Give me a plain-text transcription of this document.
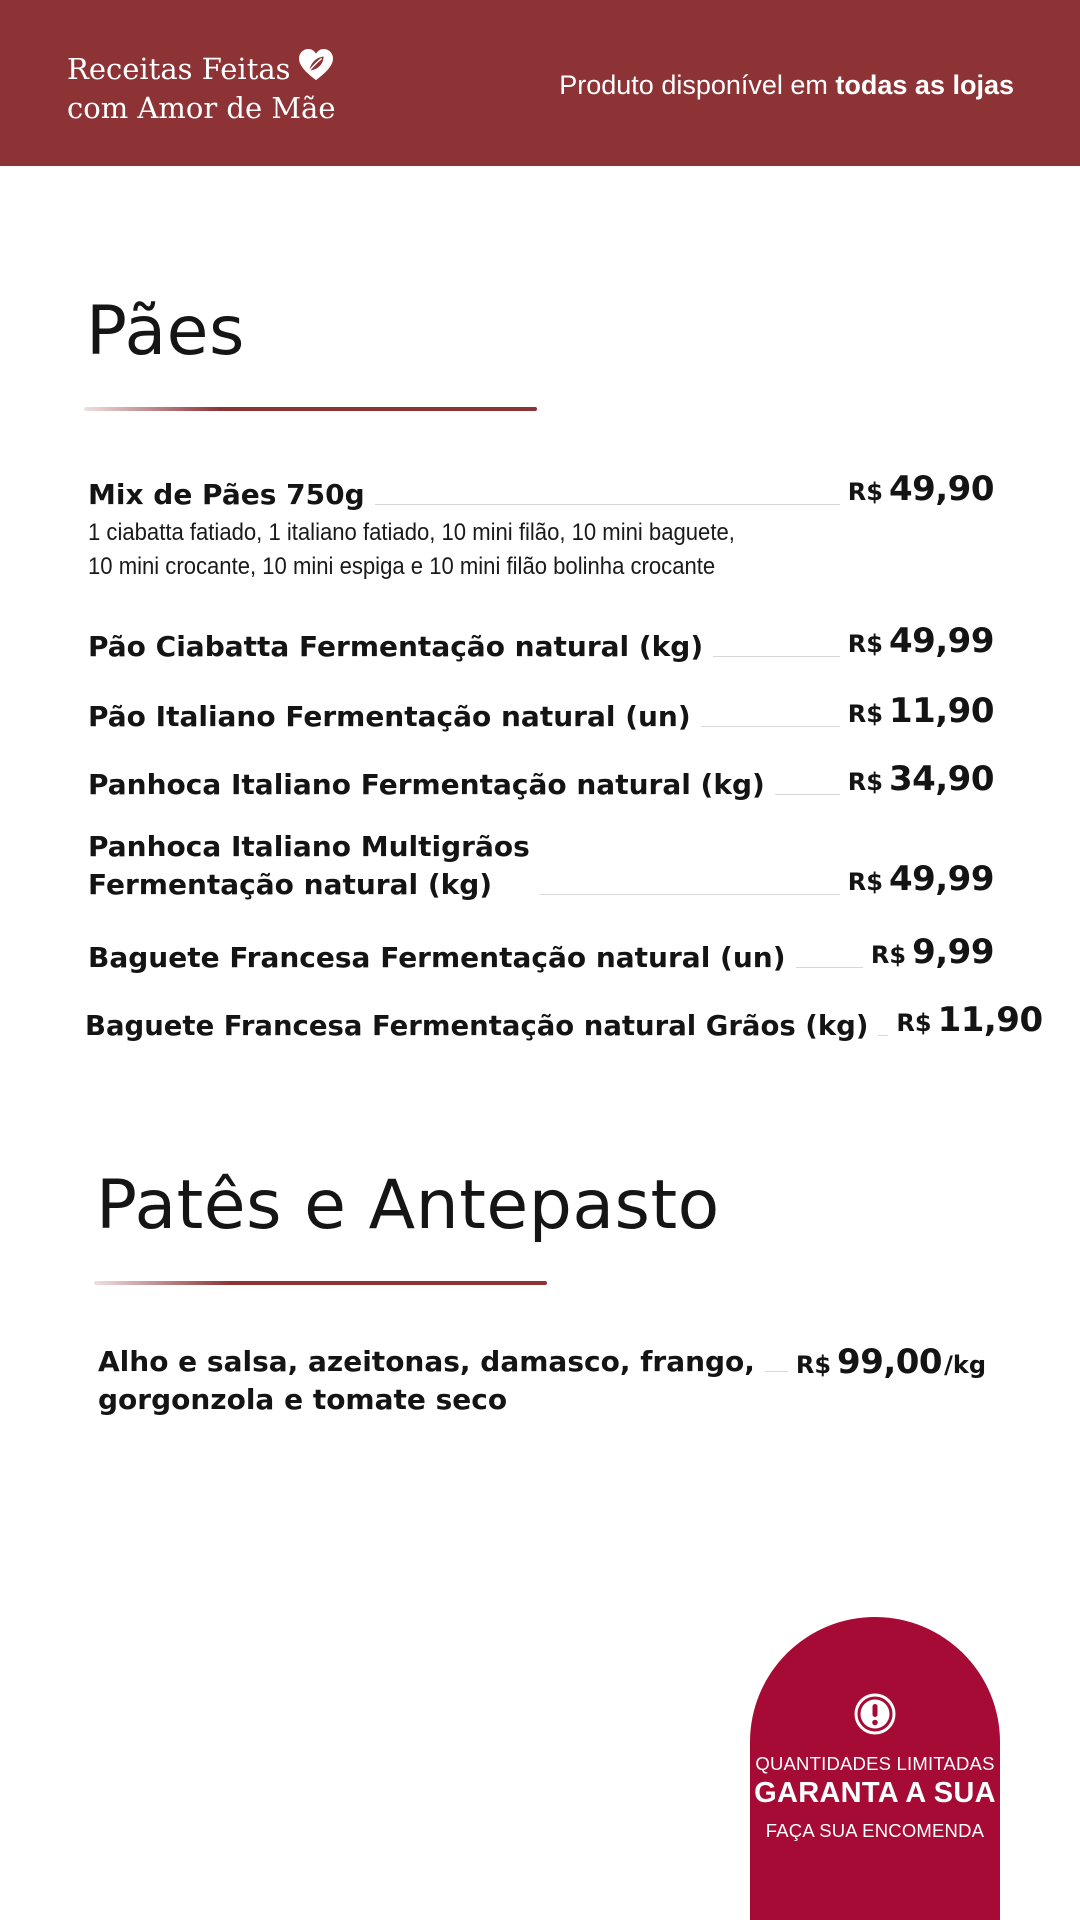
Receitas Feitas
com Amor de Mãe
Produto disponível em todas as lojas
Pães
Mix de Pães 750g	R$ 49,90
1 ciabatta fatiado, 1 italiano fatiado, 10 mini filão, 10 mini baguete,
10 mini crocante, 10 mini espiga e 10 mini filão bolinha crocante
Pão Ciabatta Fermentação natural (kg)	R$ 49,99
Pão Italiano Fermentação natural (un)	R$ 11,90
Panhoca Italiano Fermentação natural (kg)	R$ 34,90
Panhoca Italiano Multigrãos
Fermentação natural (kg)	R$ 49,99
Baguete Francesa Fermentação natural (un)	R$ 9,99
Baguete Francesa Fermentação natural Grãos (kg) R$ 11,90
Patês e Antepasto
Alho e salsa, azeitonas, damasco, frango,
gorgonzola e tomate seco
R$ 99,00/kg
QUANTIDADES LIMITADAS
GARANTA A SUA
FAÇA SUA ENCOMENDA
